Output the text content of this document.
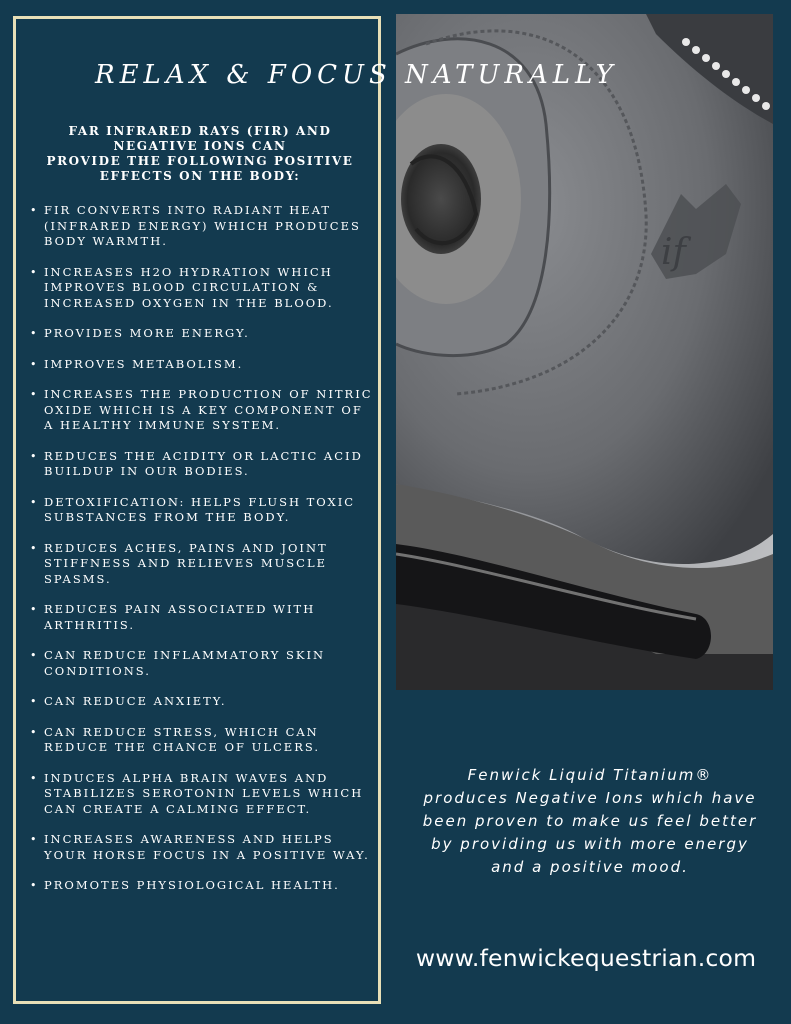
if
RELAX & FOCUS NATURALLY
FAR INFRARED RAYS (FIR) AND
NEGATIVE IONS CAN
PROVIDE THE FOLLOWING POSITIVE
EFFECTS ON THE BODY:
• FIR CONVERTS INTO RADIANT HEAT (INFRARED ENERGY) WHICH PRODUCES BODY WARMTH.
• INCREASES H2O HYDRATION WHICH IMPROVES BLOOD CIRCULATION & INCREASED OXYGEN IN THE BLOOD.
• PROVIDES MORE ENERGY.
• IMPROVES METABOLISM.
• INCREASES THE PRODUCTION OF NITRIC OXIDE WHICH IS A KEY COMPONENT OF A HEALTHY IMMUNE SYSTEM.
• REDUCES THE ACIDITY OR LACTIC ACID BUILDUP IN OUR BODIES.
• DETOXIFICATION: HELPS FLUSH TOXIC SUBSTANCES FROM THE BODY.
• REDUCES ACHES, PAINS AND JOINT STIFFNESS AND RELIEVES MUSCLE SPASMS.
• REDUCES PAIN ASSOCIATED WITH ARTHRITIS.
• CAN REDUCE INFLAMMATORY SKIN CONDITIONS.
• CAN REDUCE ANXIETY.
• CAN REDUCE STRESS, WHICH CAN REDUCE THE CHANCE OF ULCERS.
• INDUCES ALPHA BRAIN WAVES AND STABILIZES SEROTONIN LEVELS WHICH CAN CREATE A CALMING EFFECT.
• INCREASES AWARENESS AND HELPS YOUR HORSE FOCUS IN A POSITIVE WAY.
• PROMOTES PHYSIOLOGICAL HEALTH.
Fenwick Liquid Titanium®
produces Negative Ions which have
been proven to make us feel better
by providing us with more energy
and a positive mood.
www.fenwickequestrian.com
